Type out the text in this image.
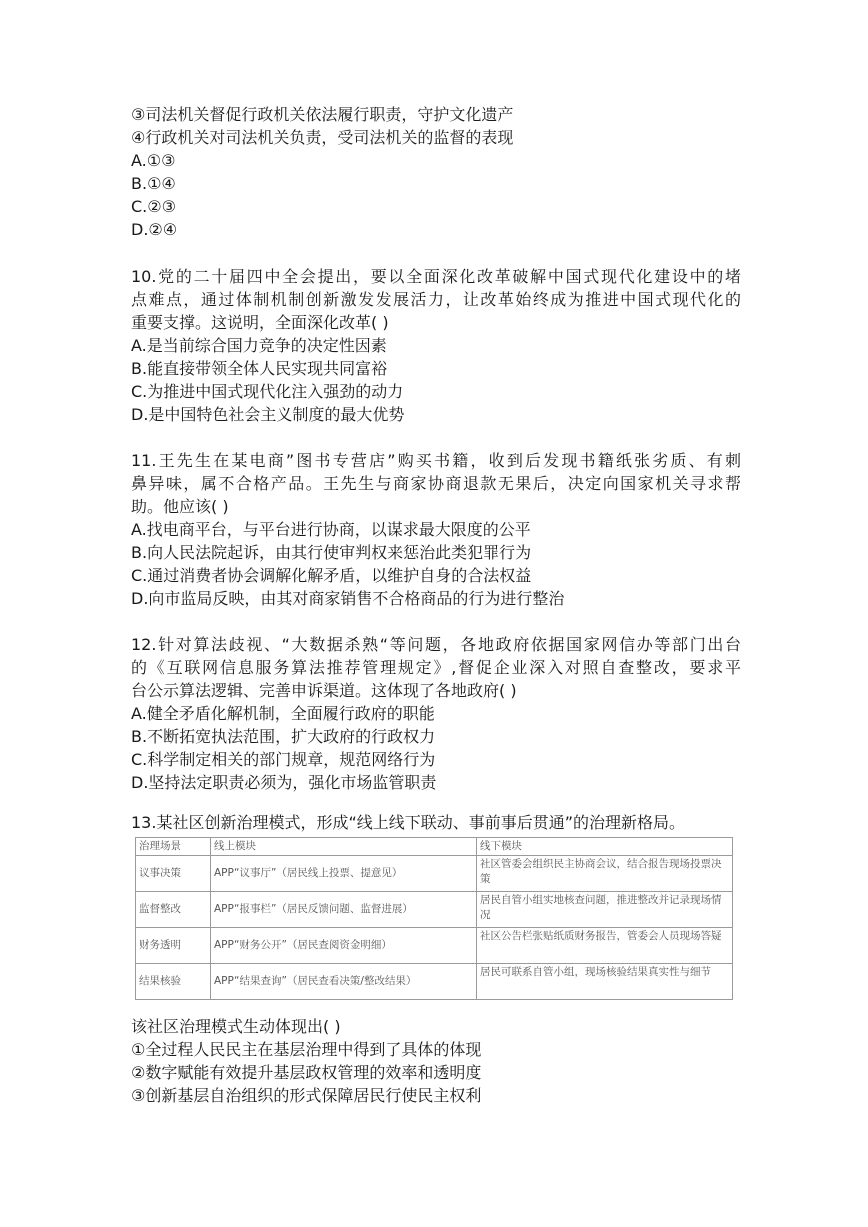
③司法机关督促行政机关依法履行职责，守护文化遗产
④行政机关对司法机关负责，受司法机关的监督的表现
A.①③
B.①④
C.②③
D.②④
10.党的二十届四中全会提出，要以全面深化改革破解中国式现代化建设中的堵
点难点，通过体制机制创新激发发展活力，让改革始终成为推进中国式现代化的
重要支撑。这说明，全面深化改革( )
A.是当前综合国力竞争的决定性因素
B.能直接带领全体人民实现共同富裕
C.为推进中国式现代化注入强劲的动力
D.是中国特色社会主义制度的最大优势
11.王先生在某电商”图书专营店”购买书籍，收到后发现书籍纸张劣质、有刺
鼻异味，属不合格产品。王先生与商家协商退款无果后，决定向国家机关寻求帮
助。他应该( )
A.找电商平台，与平台进行协商，以谋求最大限度的公平
B.向人民法院起诉，由其行使审判权来惩治此类犯罪行为
C.通过消费者协会调解化解矛盾，以维护自身的合法权益
D.向市监局反映，由其对商家销售不合格商品的行为进行整治
12.针对算法歧视、“大数据杀熟“等问题，各地政府依据国家网信办等部门出台
的《互联网信息服务算法推荐管理规定》,督促企业深入对照自查整改，要求平
台公示算法逻辑、完善申诉渠道。这体现了各地政府( )
A.健全矛盾化解机制，全面履行政府的职能
B.不断拓宽执法范围，扩大政府的行政权力
C.科学制定相关的部门规章，规范网络行为
D.坚持法定职责必须为，强化市场监管职责
13.某社区创新治理模式，形成“线上线下联动、事前事后贯通”的治理新格局。
治理场景	线上模块	线下模块
议事决策	APP“议事厅”（居民线上投票、提意见）	社区管委会组织民主协商会议，结合报告现场投票决策
监督整改	APP“报事栏”（居民反馈问题、监督进展）	居民自管小组实地核查问题，推进整改并记录现场情况
财务透明	APP“财务公开”（居民查阅资金明细）	社区公告栏张贴纸质财务报告，管委会人员现场答疑
结果核验	APP“结果查询”（居民查看决策/整改结果）	居民可联系自管小组，现场核验结果真实性与细节
该社区治理模式生动体现出( )
①全过程人民民主在基层治理中得到了具体的体现
②数字赋能有效提升基层政权管理的效率和透明度
③创新基层自治组织的形式保障居民行使民主权利
